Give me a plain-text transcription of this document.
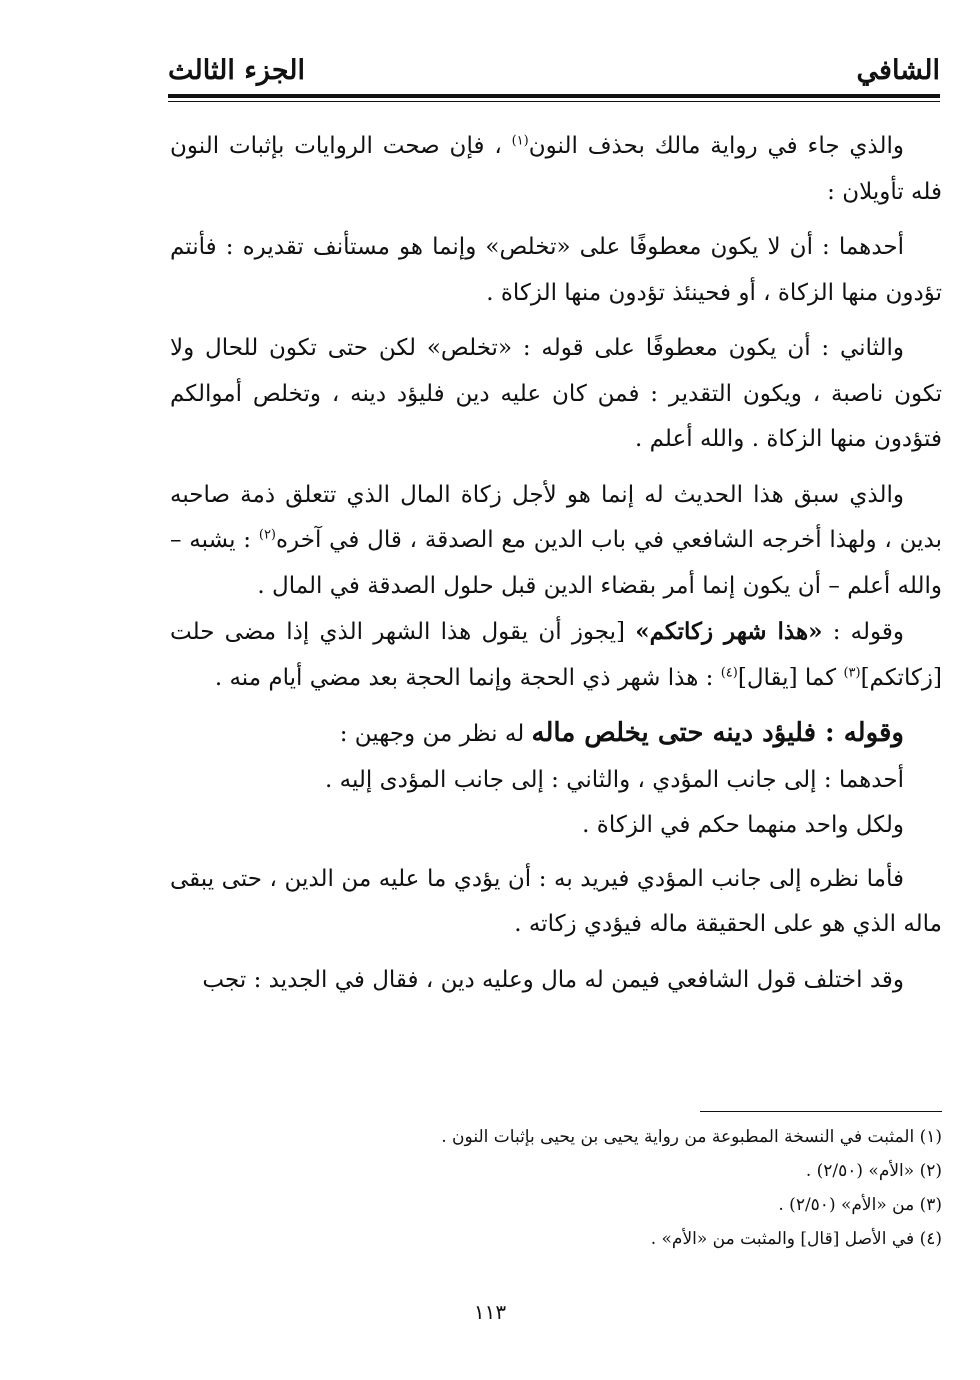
الشافي
الجزء الثالث

والذي جاء في رواية مالك بحذف النون$^{(١)}$ ، فإن صحت الروايات بإثبات النون فله تأويلان :

أحدهما : أن لا يكون معطوفًا على «تخلص» وإنما هو مستأنف تقديره : فأنتم تؤدون منها الزكاة ، أو فحينئذ تؤدون منها الزكاة .

والثاني : أن يكون معطوفًا على قوله : «تخلص» لكن حتى تكون للحال ولا تكون ناصبة ، ويكون التقدير : فمن كان عليه دين فليؤد دينه ، وتخلص أموالكم فتؤدون منها الزكاة . والله أعلم .

والذي سبق هذا الحديث له إنما هو لأجل زكاة المال الذي تتعلق ذمة صاحبه بدين ، ولهذا أخرجه الشافعي في باب الدين مع الصدقة ، قال في آخره$^{(٢)}$ : يشبه – والله أعلم – أن يكون إنما أمر بقضاء الدين قبل حلول الصدقة في المال .

وقوله : «هذا شهر زكاتكم» [يجوز أن يقول هذا الشهر الذي إذا مضى حلت [زكاتكم]$^{(٣)}$ كما [يقال]$^{(٤)}$ : هذا شهر ذي الحجة وإنما الحجة بعد مضي أيام منه .

وقوله : فليؤد دينه حتى يخلص ماله له نظر من وجهين :

أحدهما : إلى جانب المؤدي ، والثاني : إلى جانب المؤدى إليه .

ولكل واحد منهما حكم في الزكاة .

فأما نظره إلى جانب المؤدي فيريد به : أن يؤدي ما عليه من الدين ، حتى يبقى ماله الذي هو على الحقيقة ماله فيؤدي زكاته .

وقد اختلف قول الشافعي فيمن له مال وعليه دين ، فقال في الجديد : تجب

(١) المثبت في النسخة المطبوعة من رواية يحيى بن يحيى بإثبات النون .
(٢) «الأم» (٢/٥٠) .
(٣) من «الأم» (٢/٥٠) .
(٤) في الأصل [قال] والمثبت من «الأم» .
١١٣
